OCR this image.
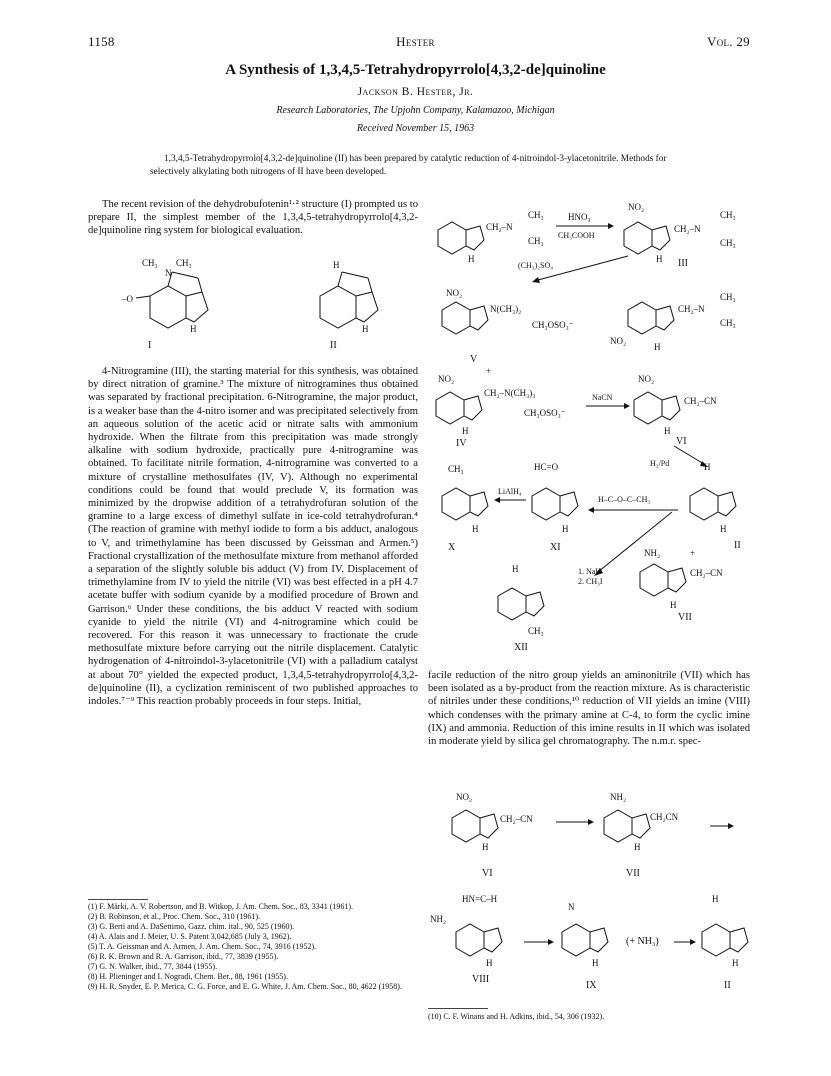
1158	Hester	Vol. 29
A Synthesis of 1,3,4,5-Tetrahydropyrrolo[4,3,2-de]quinoline
Jackson B. Hester, Jr.
Research Laboratories, The Upjohn Company, Kalamazoo, Michigan
Received November 15, 1963
1,3,4,5-Tetrahydropyrrolo[4,3,2-de]quinoline (II) has been prepared by catalytic reduction of 4-nitroindol-3-ylacetonitrile. Methods for selectively alkylating both nitrogens of II have been developed.

The recent revision of the dehydrobufotenin¹·² structure (I) prompted us to prepare II, the simplest member of the 1,3,4,5-tetrahydropyrrolo[4,3,2-de]quinoline ring system for biological evaluation.

CH₃ CH₃
N
–O
H
I
H
H
II

4-Nitrogramine (III), the starting material for this synthesis, was obtained by direct nitration of gramine.³ The mixture of nitrogramines thus obtained was separated by fractional precipitation. 6-Nitrogramine, the major product, is a weaker base than the 4-nitro isomer and was precipitated selectively from an aqueous solution of the acetic acid or nitrate salts with ammonium hydroxide. When the filtrate from this precipitation was made strongly alkaline with sodium hydroxide, practically pure 4-nitrogramine was obtained. To facilitate nitrile formation, 4-nitrogramine was converted to a mixture of crystalline methosulfates (IV, V). Although no experimental conditions could be found that would preclude V, its formation was minimized by the dropwise addition of a tetrahydrofuran solution of the gramine to a large excess of dimethyl sulfate in ice-cold tetrahydrofuran.⁴ (The reaction of gramine with methyl iodide to form a bis adduct, analogous to V, and trimethylamine has been discussed by Geissman and Armen.⁵) Fractional crystallization of the methosulfate mixture from methanol afforded a separation of the slightly soluble bis adduct (V) from IV. Displacement of trimethylamine from IV to yield the nitrile (VI) was best effected in a pH 4.7 acetate buffer with sodium cyanide by a modified procedure of Brown and Garrison.⁶ Under these conditions, the bis adduct V reacted with sodium cyanide to yield the nitrile (VI) and 4-nitrogramine which could be recovered. For this reason it was unnecessary to fractionate the crude methosulfate mixture before carrying out the nitrile displacement. Catalytic hydrogenation of 4-nitroindol-3-ylacetonitrile (VI) with a palladium catalyst at about 70° yielded the expected product, 1,3,4,5-tetrahydropyrrolo[4,3,2-de]quinoline (II), a cyclization reminiscent of two published approaches to indoles.⁷⁻⁹ This reaction probably proceeds in four steps. Initial,

CH₂–N
CH₃
CH₃
H
HNO₃
CH₃COOH
NO₂
CH₂–N
CH₃
CH₃
H III
(CH₃)₂SO₄
NO₂
N(CH₃)₂
CH₃OSO₃⁻
V
+
CH₂–N
CH₃
CH₃
NO₂
H
NO₂
CH₂–N(CH₃)₃
CH₃OSO₃⁻
H
IV
NaCN
NO₂
CH₂–CN
H
VI
H₂/Pd
CH₃
H
X
LiAlH₄
HC=O
H
XI
H–C–O–C–CH₃
H
H
II
1. NaH
2. CH₃I
NH₂	+
CH₂–CN
H
VII
H
CH₃
XII

facile reduction of the nitro group yields an aminonitrile (VII) which has been isolated as a by-product from the reaction mixture. As is characteristic of nitriles under these conditions,¹⁰ reduction of VII yields an imine (VIII) which condenses with the primary amine at C-4, to form the cyclic imine (IX) and ammonia. Reduction of this imine results in II which was isolated in moderate yield by silica gel chromatography. The n.m.r. spec-

NO₂
CH₂–CN
H
VI
NH₂
CH₂CN
H
VII
HN=C–H
NH₂
H
VIII
N
H
IX
(+ NH₃)
H
H
II
(1) F. Märki, A. V. Robertson, and B. Witkop, J. Am. Chem. Soc., 83, 3341 (1961).
(2) B. Robinson, et al., Proc. Chem. Soc., 310 (1961).
(3) G. Berti and A. DaSettimo, Gazz. chim. ital., 90, 525 (1960).
(4) A. Alais and J. Meier, U. S. Patent 3,042,685 (July 3, 1962).
(5) T. A. Geissman and A. Armen, J. Am. Chem. Soc., 74, 3916 (1952).
(6) R. K. Brown and R. A. Garrison, ibid., 77, 3839 (1955).
(7) G. N. Walker, ibid., 77, 3844 (1955).
(8) H. Plieninger and I. Nogradi, Chem. Ber., 88, 1961 (1955).
(9) H. R. Snyder, E. P. Merica, C. G. Force, and E. G. White, J. Am. Chem. Soc., 80, 4622 (1958).
(10) C. F. Winans and H. Adkins, ibid., 54, 306 (1932).
